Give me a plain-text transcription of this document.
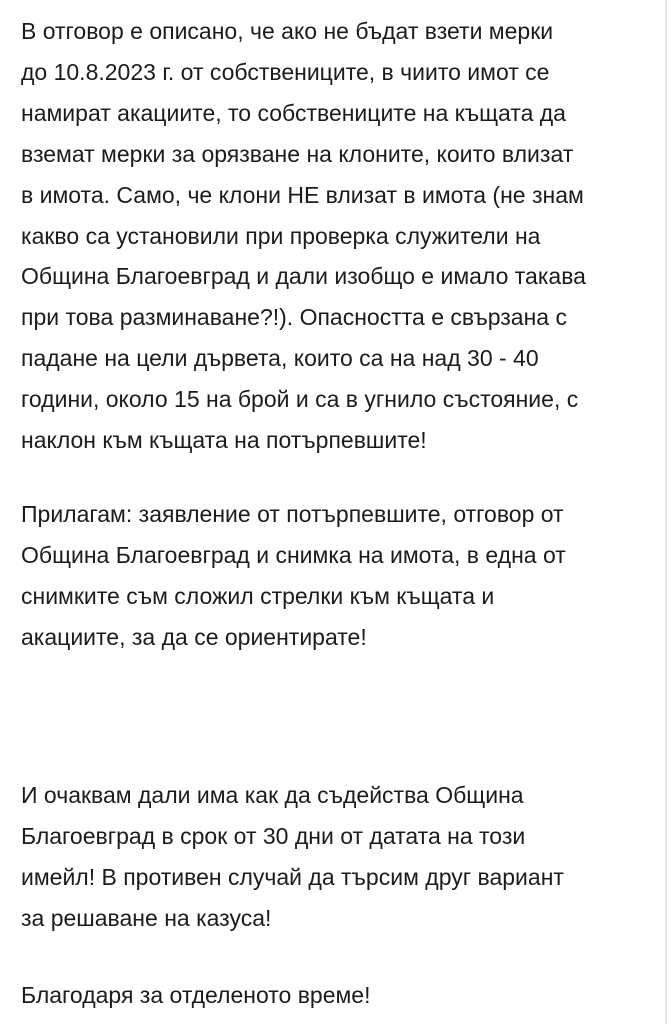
В отговор е описано, че ако не бъдат взети мерки
до 10.8.2023 г. от собствениците, в чиито имот се
намират акациите, то собствениците на къщата да
вземат мерки за орязване на клоните, които влизат
в имота. Само, че клони НЕ влизат в имота (не знам
какво са установили при проверка служители на
Община Благоевград и дали изобщо е имало такава
при това разминаване?!). Опасността е свързана с
падане на цели дървета, които са на над 30 - 40
години, около 15 на брой и са в угнило състояние, с
наклон към къщата на потърпевшите!

Прилагам: заявление от потърпевшите, отговор от
Община Благоевград и снимка на имота, в една от
снимките съм сложил стрелки към къщата и
акациите, за да се ориентирате!

И очаквам дали има как да съдейства Община
Благоевград в срок от 30 дни от датата на този
имейл! В противен случай да търсим друг вариант
за решаване на казуса!

Благодаря за отделеното време!
